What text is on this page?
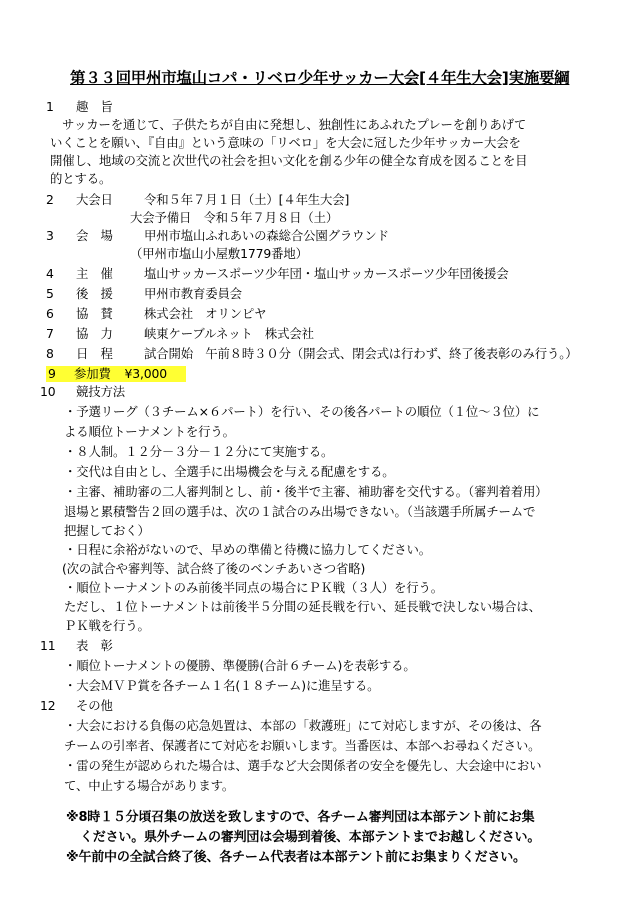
第３３回甲州市塩山コパ・リベロ少年サッカー大会[４年生大会]実施要綱
1	趣　旨
サッカーを通じて、子供たちが自由に発想し、独創性にあふれたプレーを創りあげて
いくことを願い、『自由』という意味の「リベロ」を大会に冠した少年サッカー大会を
開催し、地域の交流と次世代の社会を担い文化を創る少年の健全な育成を図ることを目
的とする。
2	大会日	令和５年７月１日（土）[４年生大会]
大会予備日　令和５年７月８日（土）
3	会　場	甲州市塩山ふれあいの森総合公園グラウンド
（甲州市塩山小屋敷1779番地）
4	主　催	塩山サッカースポーツ少年団・塩山サッカースポーツ少年団後援会
5	後　援	甲州市教育委員会
6	協　賛	株式会社　オリンピヤ
7	協　力	峡東ケーブルネット　株式会社
8	日　程	試合開始　午前８時３０分（開会式、閉会式は行わず、終了後表彰のみ行う。）
9	参加費 ¥3,000
10	競技方法
・予選リーグ（３チーム×６パート）を行い、その後各パートの順位（１位～３位）に
よる順位トーナメントを行う。
・８人制。１２分－３分－１２分にて実施する。
・交代は自由とし、全選手に出場機会を与える配慮をする。
・主審、補助審の二人審判制とし、前・後半で主審、補助審を交代する。（審判着着用）
退場と累積警告２回の選手は、次の１試合のみ出場できない。（当該選手所属チームで
把握しておく）
・日程に余裕がないので、早めの準備と待機に協力してください。
(次の試合や審判等、試合終了後のベンチあいさつ省略)
・順位トーナメントのみ前後半同点の場合にＰＫ戦（３人）を行う。
ただし、１位トーナメントは前後半５分間の延長戦を行い、延長戦で決しない場合は、
ＰＫ戦を行う。
11	表　彰
・順位トーナメントの優勝、準優勝(合計６チーム)を表彰する。
・大会ＭＶＰ賞を各チーム１名(１８チーム)に進呈する。
12	その他
・大会における負傷の応急処置は、本部の「救護班」にて対応しますが、その後は、各
チームの引率者、保護者にて対応をお願いします。当番医は、本部へお尋ねください。
・雷の発生が認められた場合は、選手など大会関係者の安全を優先し、大会途中におい
て、中止する場合があります。
※8時１５分頃召集の放送を致しますので、各チーム審判団は本部テント前にお集
ください。県外チームの審判団は会場到着後、本部テントまでお越しください。
※午前中の全試合終了後、各チーム代表者は本部テント前にお集まりください。
